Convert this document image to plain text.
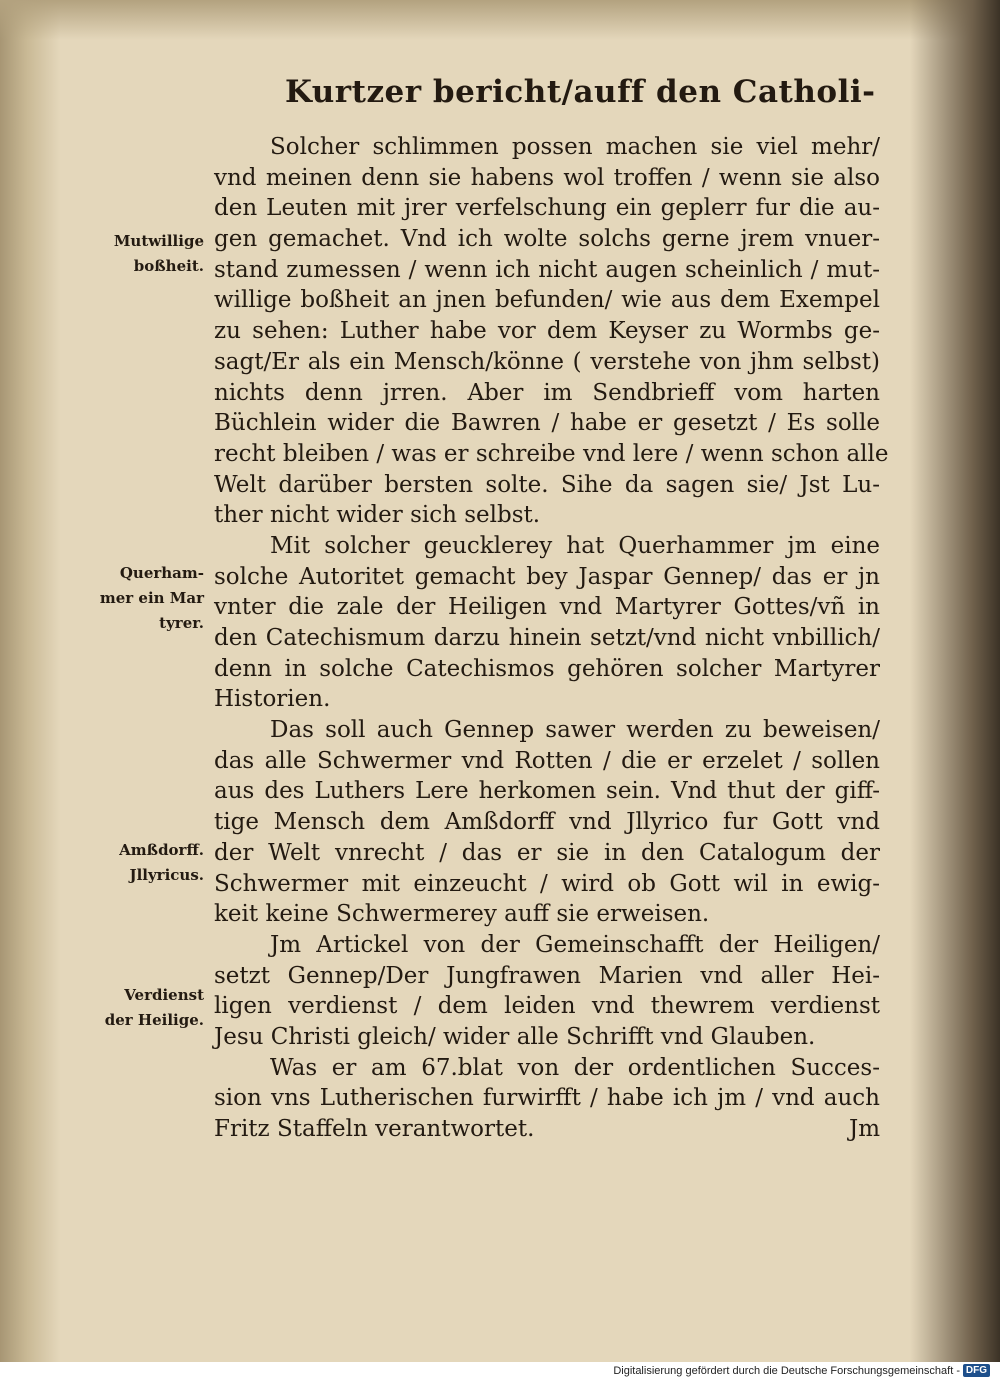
Kurtzer bericht/auff den Catholi-
Solcher schlimmen possen machen sie viel mehr/
vnd meinen denn sie habens wol troffen / wenn sie also
den Leuten mit jrer verfelschung ein geplerr fur die au-
gen gemachet. Vnd ich wolte solchs gerne jrem vnuer-
stand zumessen / wenn ich nicht augen scheinlich / mut-
willige boßheit an jnen befunden/ wie aus dem Exempel
zu sehen: Luther habe vor dem Keyser zu Wormbs ge-
sagt/Er als ein Mensch/könne ( verstehe von jhm selbst)
nichts denn jrren. Aber im Sendbrieff vom harten
Büchlein wider die Bawren / habe er gesetzt / Es solle
recht bleiben / was er schreibe vnd lere / wenn schon alle
Welt darüber bersten solte. Sihe da sagen sie/ Jst Lu-
ther nicht wider sich selbst.
Mit solcher geucklerey hat Querhammer jm eine
solche Autoritet gemacht bey Jaspar Gennep/ das er jn
vnter die zale der Heiligen vnd Martyrer Gottes/vñ in
den Catechismum darzu hinein setzt/vnd nicht vnbillich/
denn in solche Catechismos gehören solcher Martyrer
Historien.
Das soll auch Gennep sawer werden zu beweisen/
das alle Schwermer vnd Rotten / die er erzelet / sollen
aus des Luthers Lere herkomen sein. Vnd thut der giff-
tige Mensch dem Amßdorff vnd Jllyrico fur Gott vnd
der Welt vnrecht / das er sie in den Catalogum der
Schwermer mit einzeucht / wird ob Gott wil in ewig-
keit keine Schwermerey auff sie erweisen.
Jm Artickel von der Gemeinschafft der Heiligen/
setzt Gennep/Der Jungfrawen Marien vnd aller Hei-
ligen verdienst / dem leiden vnd thewrem verdienst
Jesu Christi gleich/ wider alle Schrifft vnd Glauben.
Was er am 67.blat von der ordentlichen Succes-
sion vns Lutherischen furwirfft / habe ich jm / vnd auch
Fritz Staffeln verantwortet.	Jm
Mutwillige
boßheit.
Querham-
mer ein Mar
tyrer.
Amßdorff.
Jllyricus.
Verdienst
der Heilige.
Digitalisierung gefördert durch die Deutsche Forschungsgemeinschaft - DFG
